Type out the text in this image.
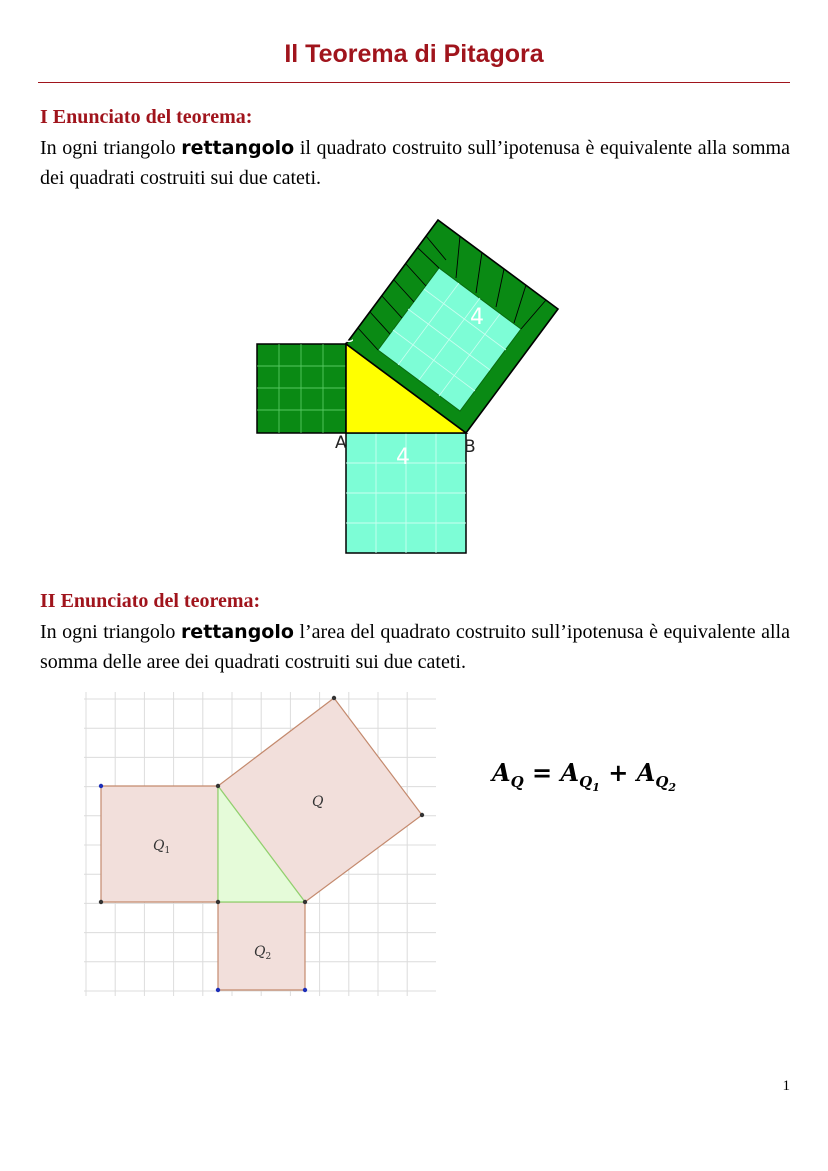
Il Teorema di Pitagora
I Enunciato del teorema:

In ogni triangolo rettangolo il quadrato costruito sull’ipotenusa è equivalente alla somma dei quadrati costruiti sui due cateti.

A	B
C
4
4
II Enunciato del teorema:

In ogni triangolo rettangolo l’area del quadrato costruito sull’ipotenusa è equivalente alla somma delle aree dei quadrati costruiti sui due cateti.

Q
$Q_1$
$Q_2$

$A_Q = A_{Q_1} + A_{Q_2}$

1
